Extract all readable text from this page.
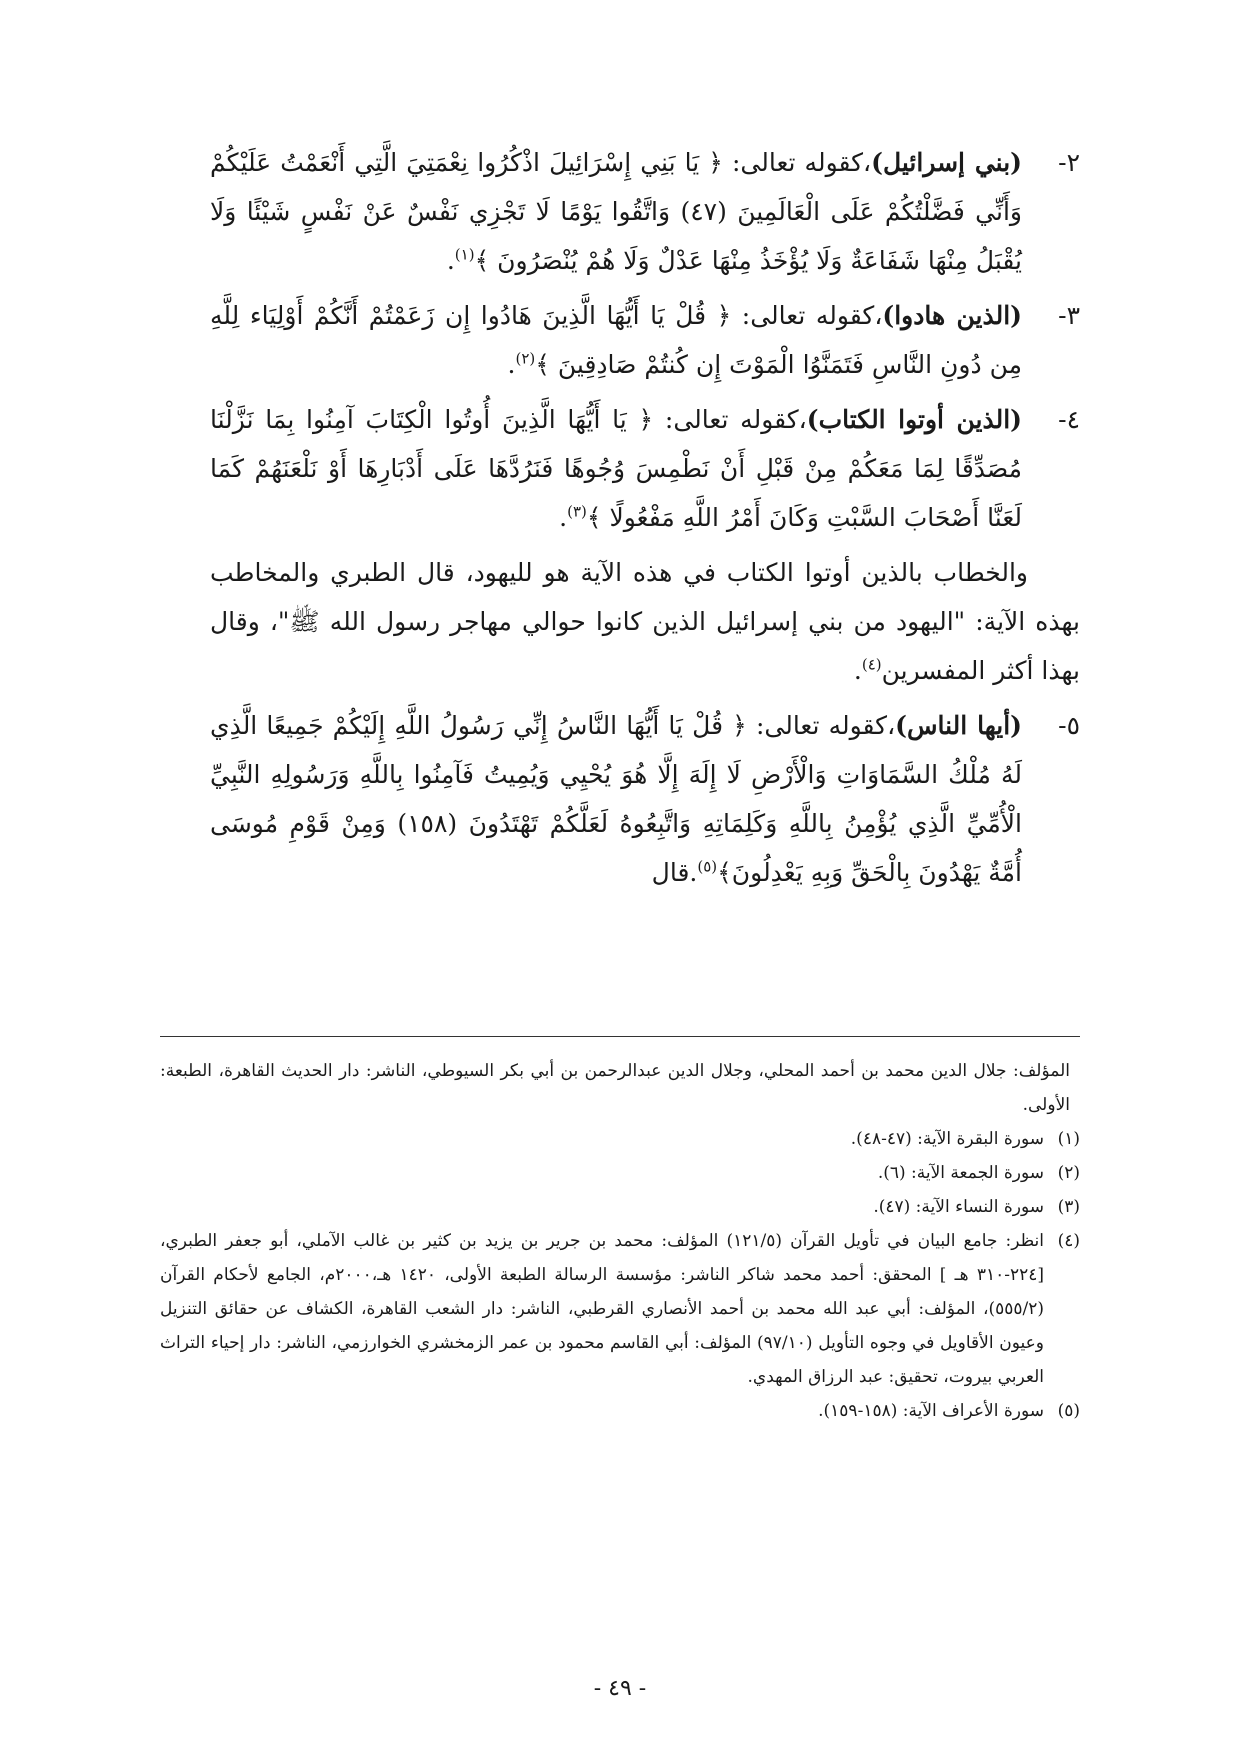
٢-
(بني إسرائيل)،كقوله تعالى: ﴿ يَا بَنِي إِسْرَائِيلَ اذْكُرُوا نِعْمَتِيَ الَّتِي أَنْعَمْتُ عَلَيْكُمْ وَأَنِّي فَضَّلْتُكُمْ عَلَى الْعَالَمِينَ (٤٧) وَاتَّقُوا يَوْمًا لَا تَجْزِي نَفْسٌ عَنْ نَفْسٍ شَيْئًا وَلَا يُقْبَلُ مِنْهَا شَفَاعَةٌ وَلَا يُؤْخَذُ مِنْهَا عَدْلٌ وَلَا هُمْ يُنْصَرُونَ ﴾$^{(١)}$.
٣-
(الذين هادوا)،كقوله تعالى: ﴿ قُلْ يَا أَيُّهَا الَّذِينَ هَادُوا إِن زَعَمْتُمْ أَنَّكُمْ أَوْلِيَاء لِلَّهِ مِن دُونِ النَّاسِ فَتَمَنَّوُا الْمَوْتَ إِن كُنتُمْ صَادِقِينَ ﴾$^{(٢)}$.
٤-
(الذين أوتوا الكتاب)،كقوله تعالى: ﴿ يَا أَيُّهَا الَّذِينَ أُوتُوا الْكِتَابَ آمِنُوا بِمَا نَزَّلْنَا مُصَدِّقًا لِمَا مَعَكُمْ مِنْ قَبْلِ أَنْ نَطْمِسَ وُجُوهًا فَنَرُدَّهَا عَلَى أَدْبَارِهَا أَوْ نَلْعَنَهُمْ كَمَا لَعَنَّا أَصْحَابَ السَّبْتِ وَكَانَ أَمْرُ اللَّهِ مَفْعُولًا ﴾$^{(٣)}$.

والخطاب بالذين أوتوا الكتاب في هذه الآية هو لليهود، قال الطبري والمخاطب بهذه الآية: "اليهود من بني إسرائيل الذين كانوا حوالي مهاجر رسول الله ﷺ"، وقال بهذا أكثر المفسرين$^{(٤)}$.

٥-
(أيها الناس)،كقوله تعالى: ﴿ قُلْ يَا أَيُّهَا النَّاسُ إِنِّي رَسُولُ اللَّهِ إِلَيْكُمْ جَمِيعًا الَّذِي لَهُ مُلْكُ السَّمَاوَاتِ وَالْأَرْضِ لَا إِلَهَ إِلَّا هُوَ يُحْيِي وَيُمِيتُ فَآمِنُوا بِاللَّهِ وَرَسُولِهِ النَّبِيِّ الْأُمِّيِّ الَّذِي يُؤْمِنُ بِاللَّهِ وَكَلِمَاتِهِ وَاتَّبِعُوهُ لَعَلَّكُمْ تَهْتَدُونَ (١٥٨) وَمِنْ قَوْمِ مُوسَى أُمَّةٌ يَهْدُونَ بِالْحَقِّ وَبِهِ يَعْدِلُونَ﴾$^{(٥)}$.قال
المؤلف: جلال الدين محمد بن أحمد المحلي، وجلال الدين عبدالرحمن بن أبي بكر السيوطي، الناشر: دار الحديث القاهرة، الطبعة: الأولى.
(١)
سورة البقرة الآية: (٤٧-٤٨).
(٢)
سورة الجمعة الآية: (٦).
(٣)
سورة النساء الآية: (٤٧).
(٤)
انظر: جامع البيان في تأويل القرآن (١٢١/٥) المؤلف: محمد بن جرير بن يزيد بن كثير بن غالب الآملي، أبو جعفر الطبري، [٢٢٤-٣١٠ هـ ] المحقق: أحمد محمد شاكر الناشر: مؤسسة الرسالة الطبعة الأولى، ١٤٢٠ هـ،٢٠٠٠م، الجامع لأحكام القرآن (٥٥٥/٢)، المؤلف: أبي عبد الله محمد بن أحمد الأنصاري القرطبي، الناشر: دار الشعب القاهرة، الكشاف عن حقائق التنزيل وعيون الأقاويل في وجوه التأويل (٩٧/١٠) المؤلف: أبي القاسم محمود بن عمر الزمخشري الخوارزمي، الناشر: دار إحياء التراث العربي بيروت، تحقيق: عبد الرزاق المهدي.
(٥)
سورة الأعراف الآية: (١٥٨-١٥٩).
- ٤٩ -
